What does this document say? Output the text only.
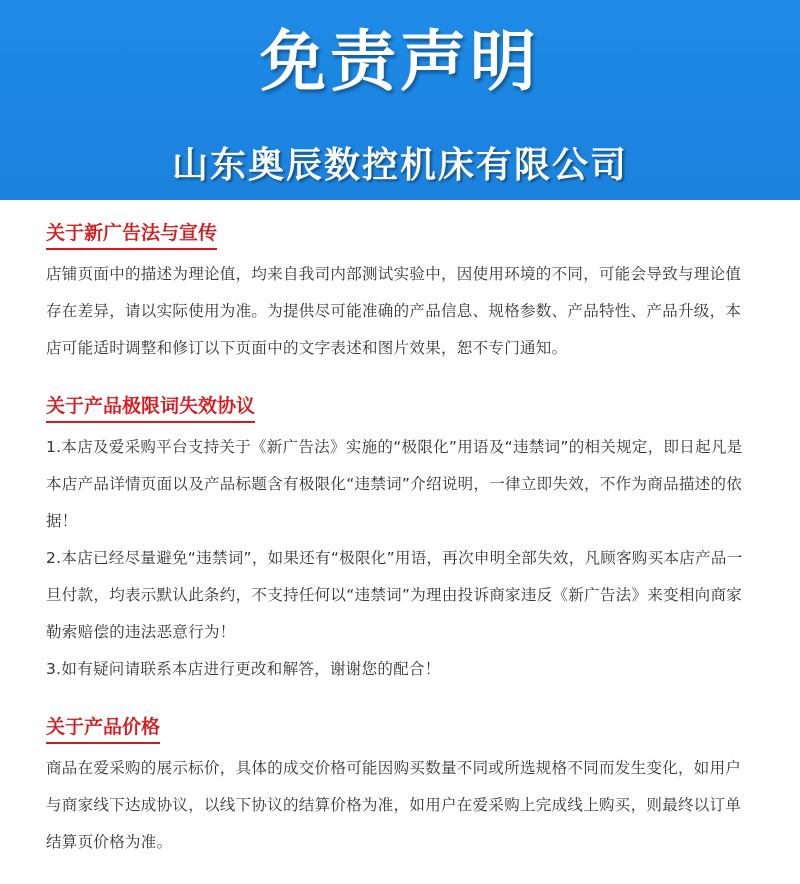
免责声明
山东奥辰数控机床有限公司
关于新广告法与宣传

店铺页面中的描述为理论值，均来自我司内部测试实验中，因使用环境的不同，可能会导致与理论值存在差异，请以实际使用为准。为提供尽可能准确的产品信息、规格参数、产品特性、产品升级，本店可能适时调整和修订以下页面中的文字表述和图片效果，恕不专门通知。

关于产品极限词失效协议

1.本店及爱采购平台支持关于《新广告法》实施的“极限化”用语及“违禁词”的相关规定，即日起凡是本店产品详情页面以及产品标题含有极限化“违禁词”介绍说明，一律立即失效，不作为商品描述的依据！

2.本店已经尽量避免“违禁词”，如果还有“极限化”用语，再次申明全部失效，凡顾客购买本店产品一旦付款，均表示默认此条约，不支持任何以“违禁词”为理由投诉商家违反《新广告法》来变相向商家勒索赔偿的违法恶意行为！

3.如有疑问请联系本店进行更改和解答，谢谢您的配合！

关于产品价格

商品在爱采购的展示标价，具体的成交价格可能因购买数量不同或所选规格不同而发生变化，如用户与商家线下达成协议，以线下协议的结算价格为准，如用户在爱采购上完成线上购买，则最终以订单结算页价格为准。
